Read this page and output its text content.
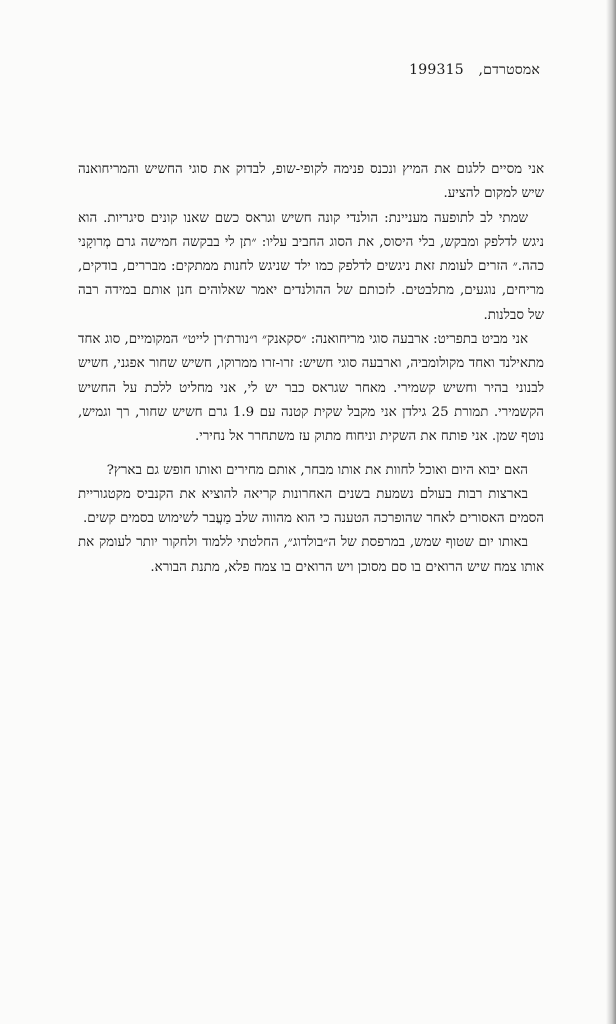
אמסטרדם, 199315

אני מסיים ללגום את המיץ ונכנס פנימה לקופי-שופ, לבדוק את סוגי החשיש והמריחואנה שיש למקום להציע.

שמתי לב לתופעה מעניינת: הולנדי קונה חשיש וגראס כשם שאנו קונים סיגריות. הוא ניגש לדלפק ומבקש, בלי היסוס, את הסוג החביב עליו: ״תן לי בבקשה חמישה גרם מְרוקָני כהה.״ הזרים לעומת זאת ניגשים לדלפק כמו ילד שניגש לחנות ממתקים: מבררים, בודקים, מריחים, נוגעים, מתלבטים. לזכותם של ההולנדים יאמר שאלוהים חנן אותם במידה רבה של סבלנות.

אני מביט בתפריט: ארבעה סוגי מריחואנה: ״סקאנק״ ו״נורת׳רן לייט״ המקומיים, סוג אחד מתאילנד ואחד מקולומביה, וארבעה סוגי חשיש: זרו-זרו ממרוקו, חשיש שחור אפגני, חשיש לבנוני בהיר וחשיש קשמירי. מאחר שגראס כבר יש לי, אני מחליט ללכת על החשיש הקשמירי. תמורת 25 גילדן אני מקבל שקית קטנה עם 1.9 גרם חשיש שחור, רך וגמיש, נוטף שמן. אני פותח את השקית וניחוח מתוק עז משתחרר אל נחירי.

האם יבוא היום ואוכל לחוות את אותו מבחר, אותם מחירים ואותו חופש גם בארץ?

בארצות רבות בעולם נשמעת בשנים האחרונות קריאה להוציא את הקנביס מקטגוריית הסמים האסורים לאחר שהופרכה הטענה כי הוא מהווה שלב מַעֲבר לשימוש בסמים קשים.

באותו יום שטוף שמש, במרפסת של ה״בולדוג״, החלטתי ללמוד ולחקור יותר לעומק את אותו צמח שיש הרואים בו סם מסוכן ויש הרואים בו צמח פלא, מתנת הבורא.
